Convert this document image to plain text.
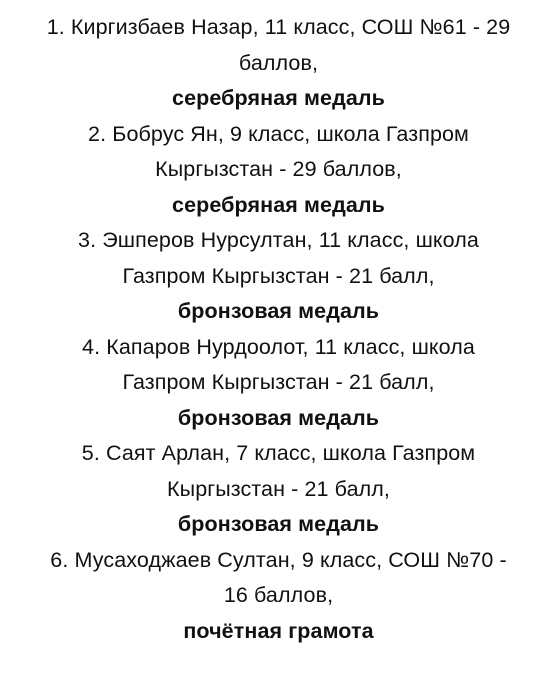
1. Киргизбаев Назар, 11 класс, СОШ №61 - 29
баллов,
серебряная медаль
2. Бобрус Ян, 9 класс, школа Газпром
Кыргызстан - 29 баллов,
серебряная медаль
3. Эшперов Нурсултан, 11 класс, школа
Газпром Кыргызстан - 21 балл,
бронзовая медаль
4. Капаров Нурдоолот, 11 класс, школа
Газпром Кыргызстан - 21 балл,
бронзовая медаль
5. Саят Арлан, 7 класс, школа Газпром
Кыргызстан - 21 балл,
бронзовая медаль
6. Мусаходжаев Султан, 9 класс, СОШ №70 -
16 баллов,
почётная грамота
